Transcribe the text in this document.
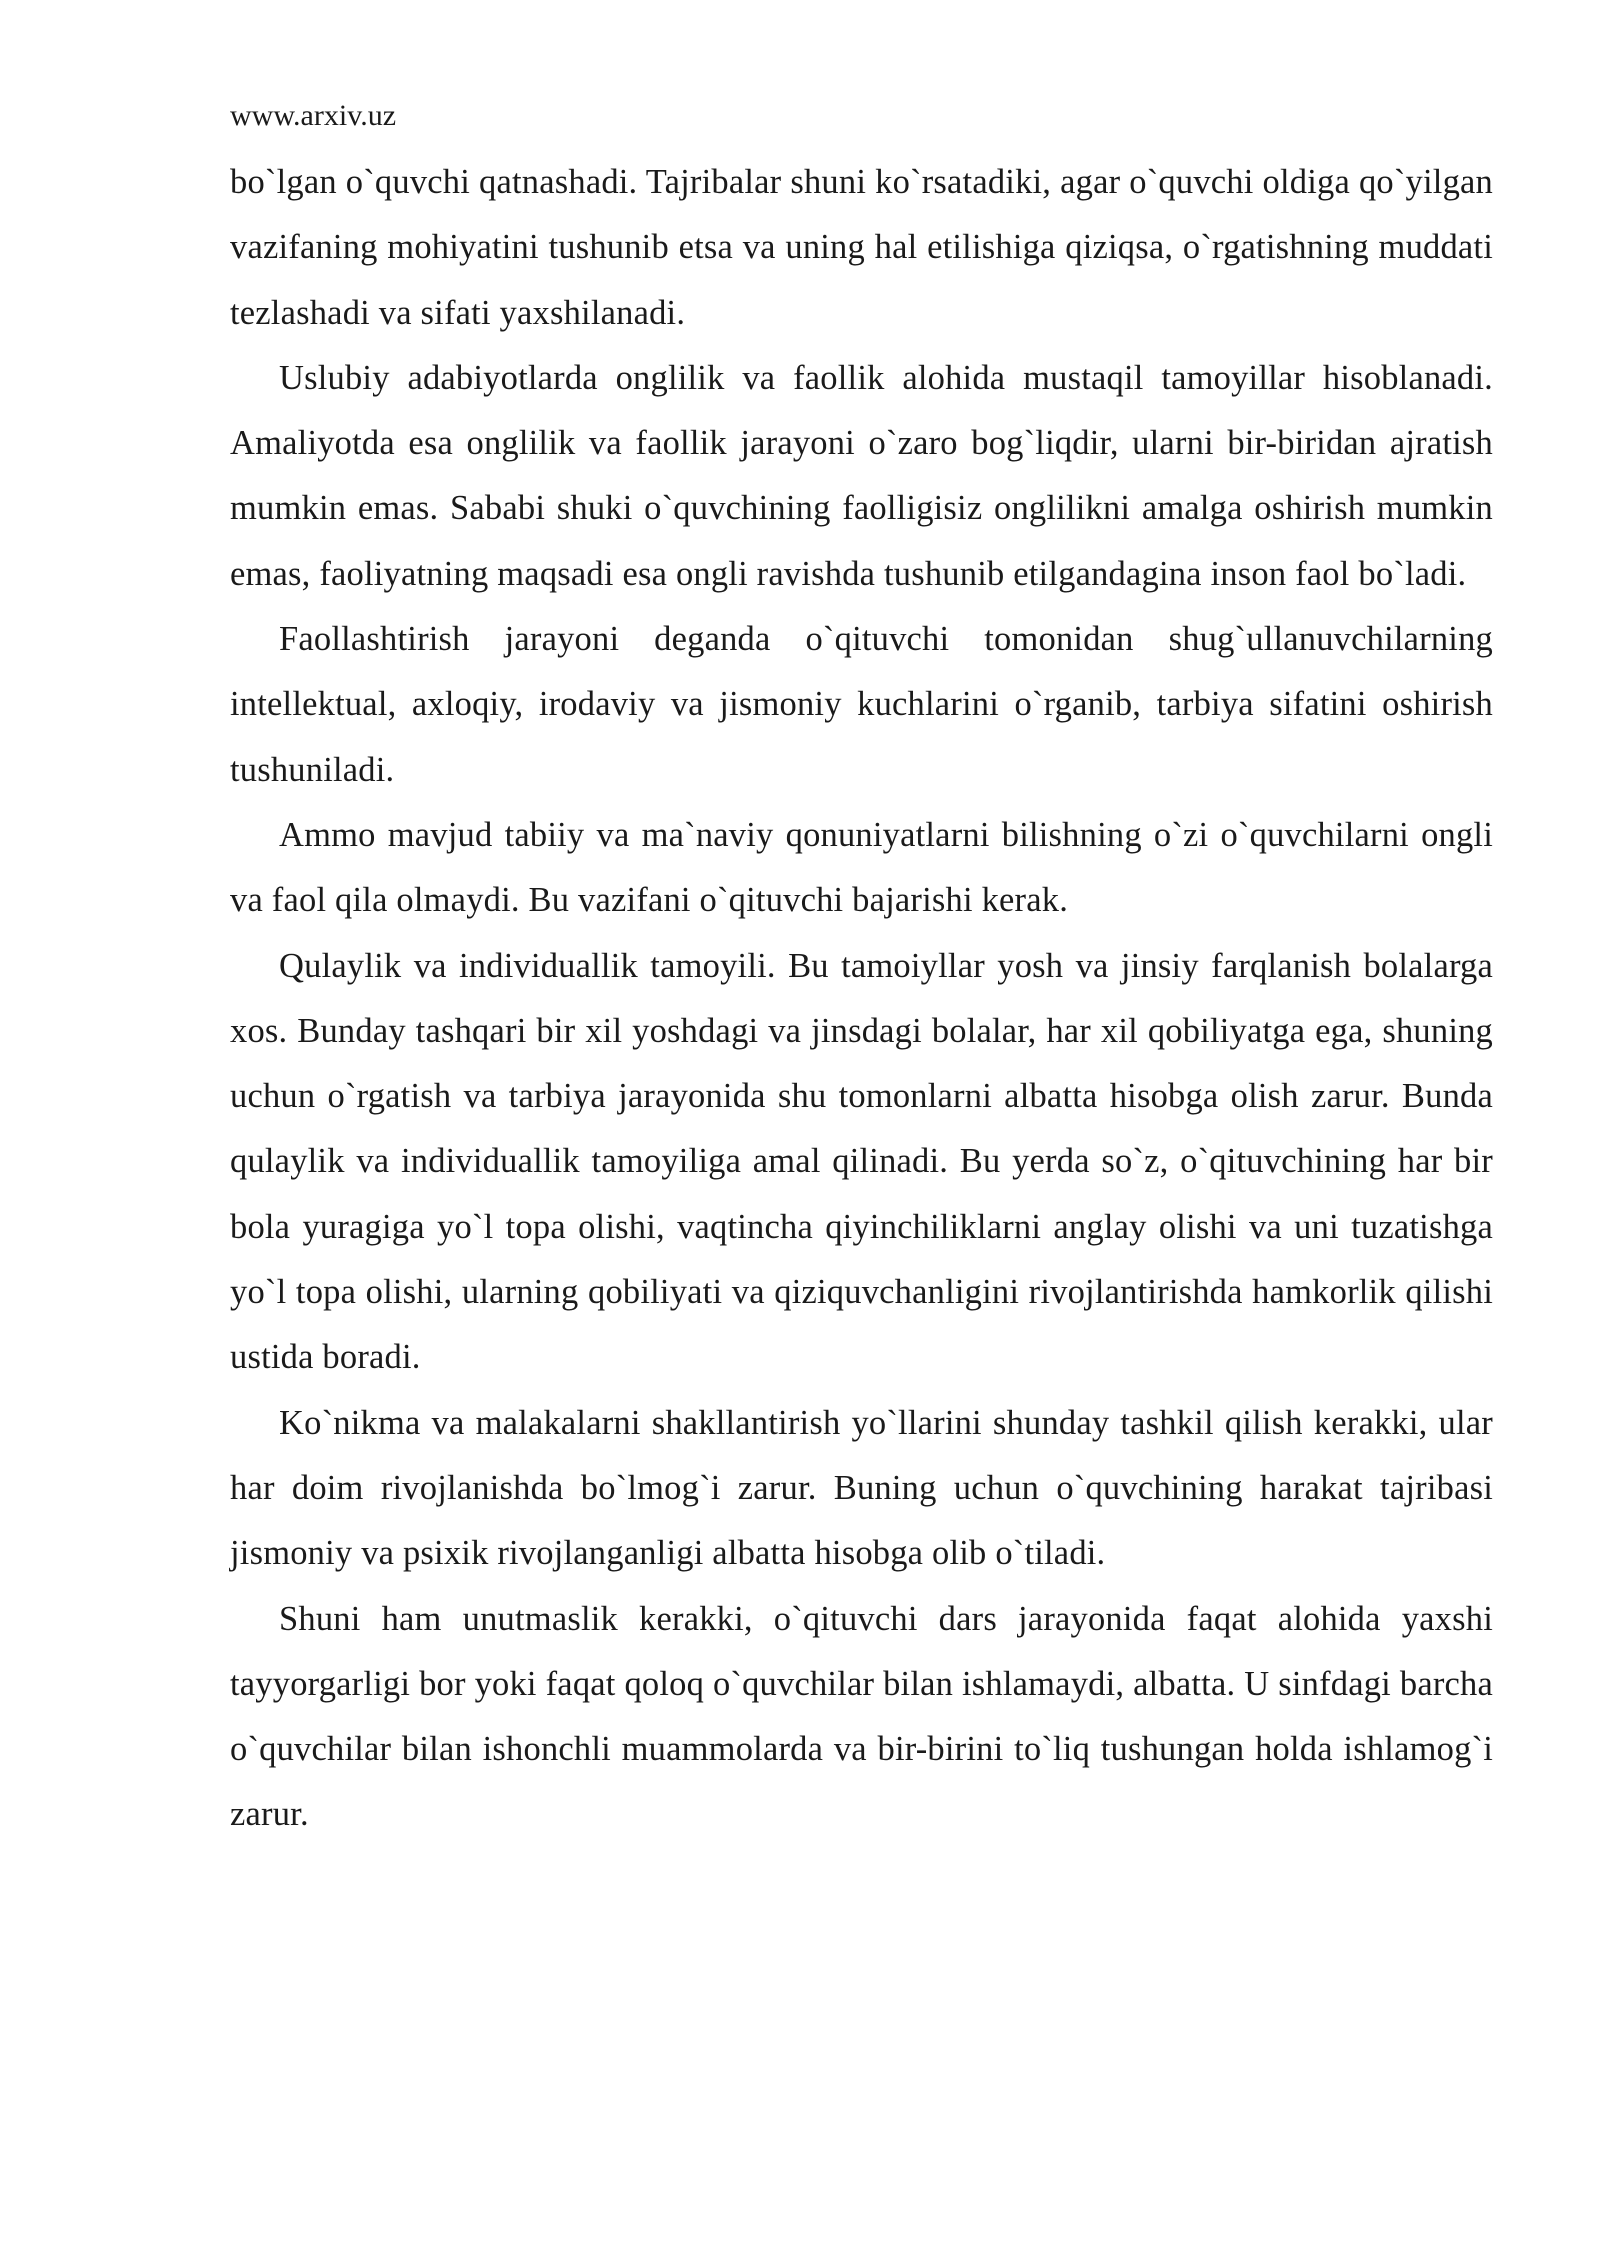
www.arxiv.uz

bo`lgan o`quvchi qatnashadi. Tajribalar shuni ko`rsatadiki, agar o`quvchi oldiga qo`yilgan vazifaning mohiyatini tushunib etsa va uning hal etilishiga qiziqsa, o`rgatishning muddati tezlashadi va sifati yaxshilanadi.

Uslubiy adabiyotlarda onglilik va faollik alohida mustaqil tamoyillar hisoblanadi. Amaliyotda esa onglilik va faollik jarayoni o`zaro bog`liqdir, ularni bir-biridan ajratish mumkin emas. Sababi shuki o`quvchining faolligisiz onglilikni amalga oshirish mumkin emas, faoliyatning maqsadi esa ongli ravishda tushunib etilgandagina inson faol bo`ladi.

Faollashtirish jarayoni deganda o`qituvchi tomonidan shug`ullanuvchilarning intellektual, axloqiy, irodaviy va jismoniy kuchlarini o`rganib, tarbiya sifatini oshirish tushuniladi.

Ammo mavjud tabiiy va ma`naviy qonuniyatlarni bilishning o`zi o`quvchilarni ongli va faol qila olmaydi. Bu vazifani o`qituvchi bajarishi kerak.

Qulaylik va individuallik tamoyili. Bu tamoiyllar yosh va jinsiy farqlanish bolalarga xos. Bunday tashqari bir xil yoshdagi va jinsdagi bolalar, har xil qobiliyatga ega, shuning uchun o`rgatish va tarbiya jarayonida shu tomonlarni albatta hisobga olish zarur. Bunda qulaylik va individuallik tamoyiliga amal qilinadi. Bu yerda so`z, o`qituvchining har bir bola yuragiga yo`l topa olishi, vaqtincha qiyinchiliklarni anglay olishi va uni tuzatishga yo`l topa olishi, ularning qobiliyati va qiziquvchanligini rivojlantirishda hamkorlik qilishi ustida boradi.

Ko`nikma va malakalarni shakllantirish yo`llarini shunday tashkil qilish kerakki, ular har doim rivojlanishda bo`lmog`i zarur. Buning uchun o`quvchining harakat tajribasi jismoniy va psixik rivojlanganligi albatta hisobga olib o`tiladi.

Shuni ham unutmaslik kerakki, o`qituvchi dars jarayonida faqat alohida yaxshi tayyorgarligi bor yoki faqat qoloq o`quvchilar bilan ishlamaydi, albatta. U sinfdagi barcha o`quvchilar bilan ishonchli muammolarda va bir-birini to`liq tushungan holda ishlamog`i zarur.
